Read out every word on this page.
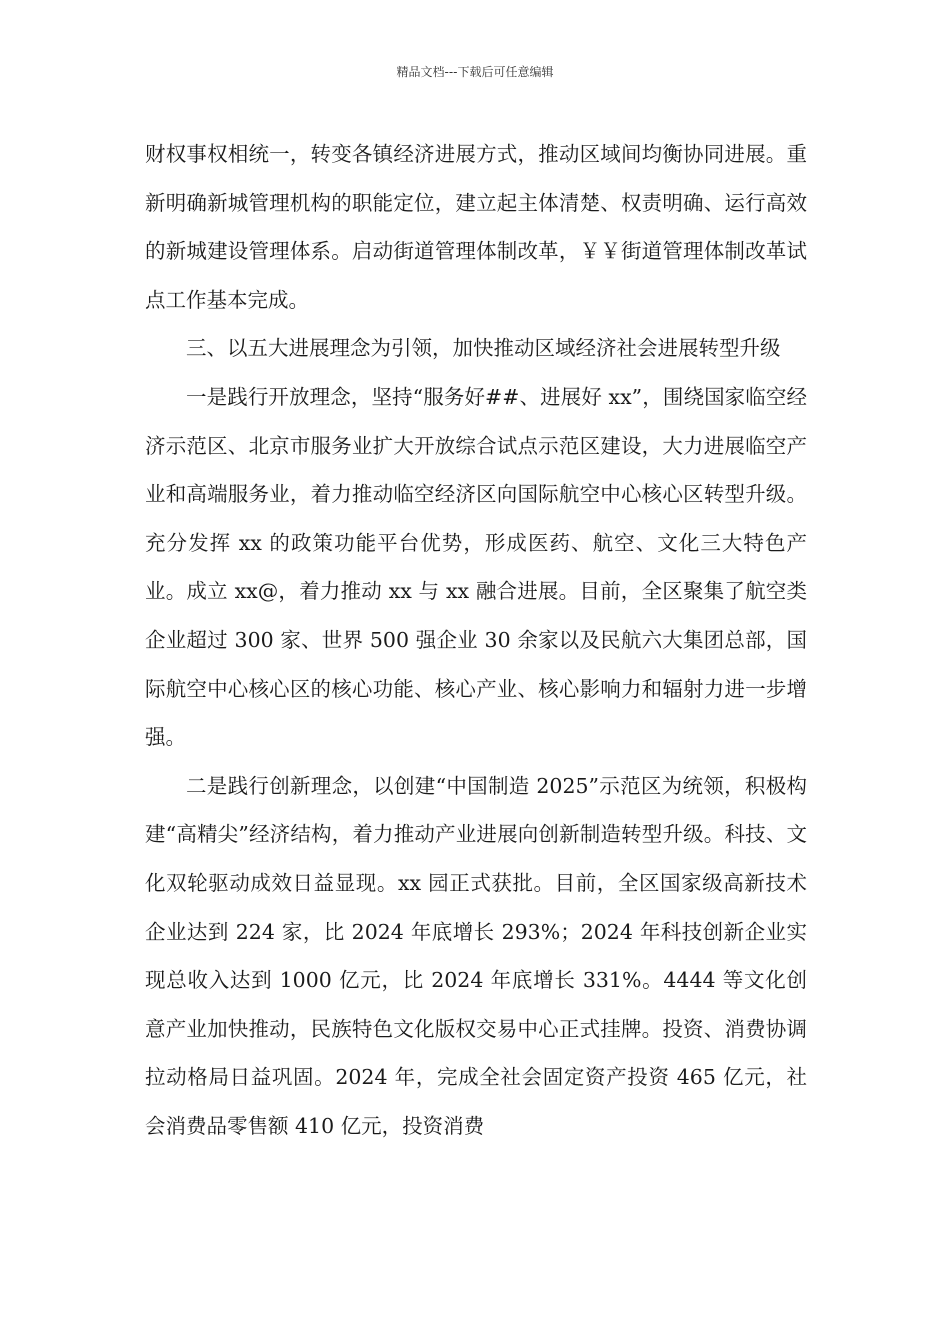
精品文档---下载后可任意编辑

财权事权相统一，转变各镇经济进展方式，推动区域间均衡协同进展。重新明确新城管理机构的职能定位，建立起主体清楚、权责明确、运行高效的新城建设管理体系。启动街道管理体制改革，￥￥街道管理体制改革试点工作基本完成。

三、以五大进展理念为引领，加快推动区域经济社会进展转型升级

一是践行开放理念，坚持“服务好##、进展好 xx”，围绕国家临空经济示范区、北京市服务业扩大开放综合试点示范区建设，大力进展临空产业和高端服务业，着力推动临空经济区向国际航空中心核心区转型升级。充分发挥 xx 的政策功能平台优势，形成医药、航空、文化三大特色产业。成立 xx@，着力推动 xx 与 xx 融合进展。目前，全区聚集了航空类企业超过 300 家、世界 500 强企业 30 余家以及民航六大集团总部，国际航空中心核心区的核心功能、核心产业、核心影响力和辐射力进一步增强。

二是践行创新理念，以创建“中国制造 2025”示范区为统领，积极构建“高精尖”经济结构，着力推动产业进展向创新制造转型升级。科技、文化双轮驱动成效日益显现。xx 园正式获批。目前，全区国家级高新技术企业达到 224 家，比 2024 年底增长 293%；2024 年科技创新企业实现总收入达到 1000 亿元，比 2024 年底增长 331%。4444 等文化创意产业加快推动，民族特色文化版权交易中心正式挂牌。投资、消费协调拉动格局日益巩固。2024 年，完成全社会固定资产投资 465 亿元，社会消费品零售额 410 亿元，投资消费
